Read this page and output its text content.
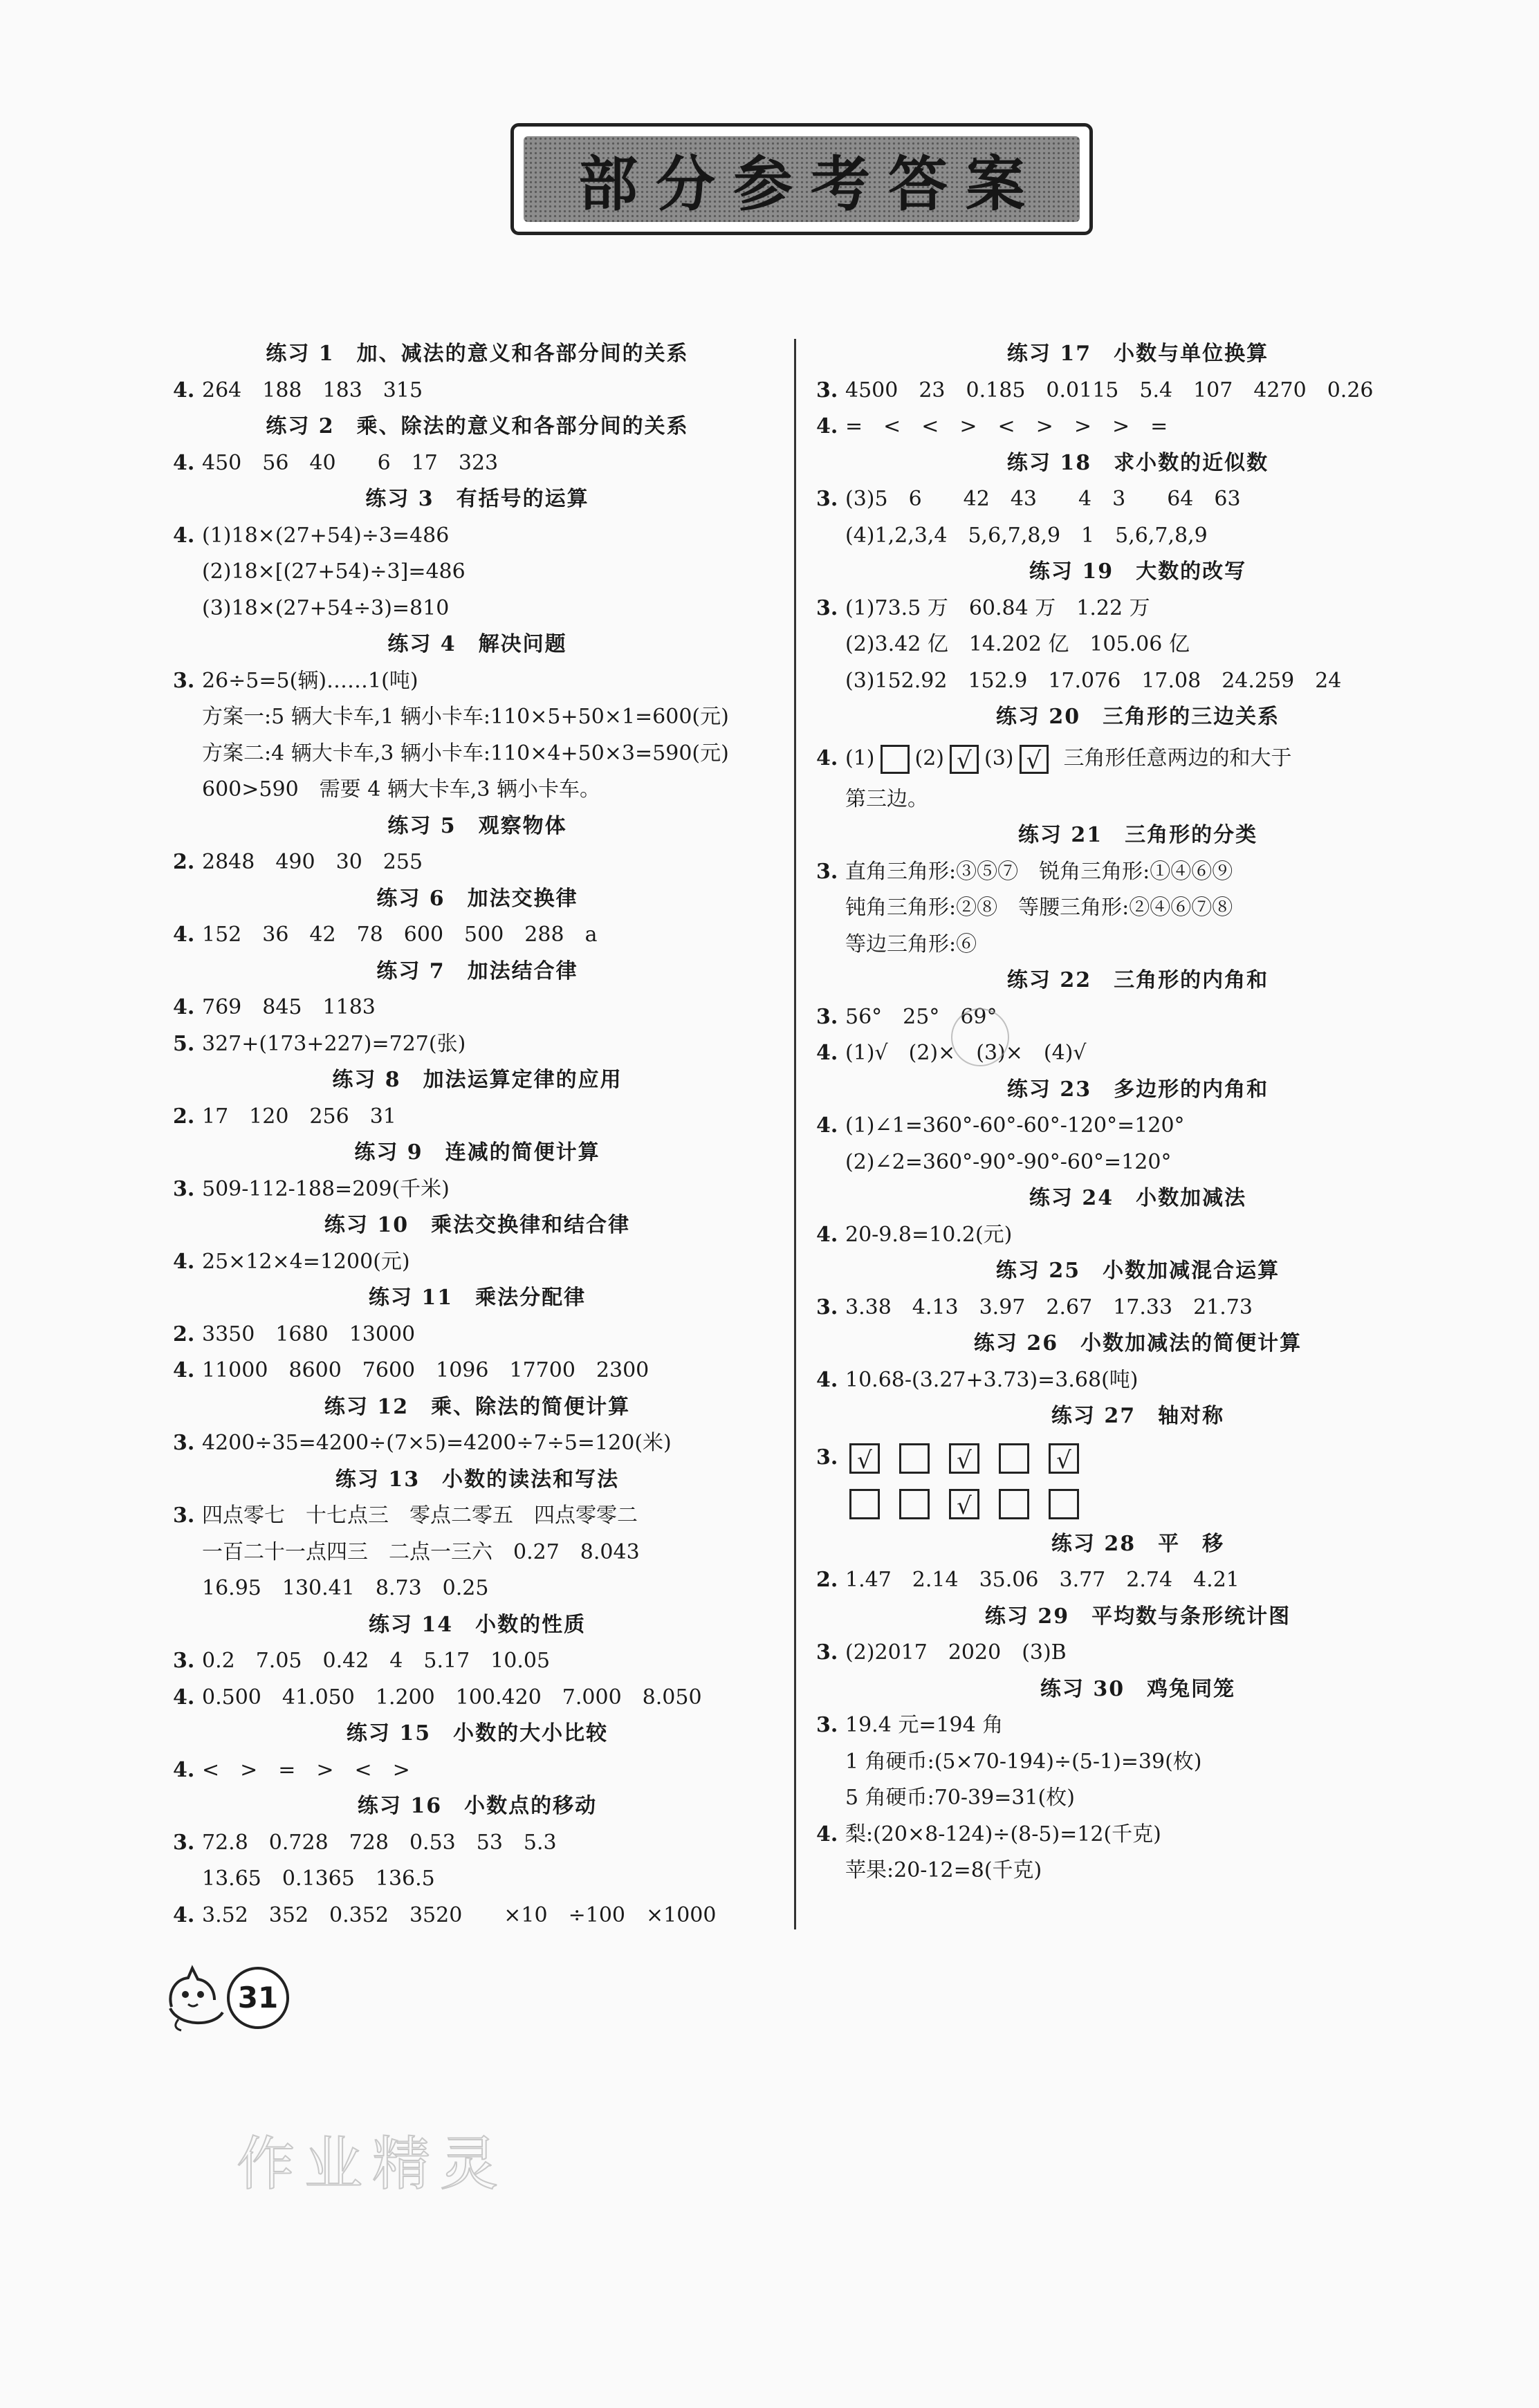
部分参考答案
练习 1　加、减法的意义和各部分间的关系
4. 264　188　183　315
练习 2　乘、除法的意义和各部分间的关系
4. 450　56　40　　6　17　323
练习 3　有括号的运算
4. (1)18×(27+54)÷3=486
(2)18×[(27+54)÷3]=486
(3)18×(27+54÷3)=810
练习 4　解决问题
3. 26÷5=5(辆)……1(吨)
方案一:5 辆大卡车,1 辆小卡车:110×5+50×1=600(元)
方案二:4 辆大卡车,3 辆小卡车:110×4+50×3=590(元)
600>590　需要 4 辆大卡车,3 辆小卡车。
练习 5　观察物体
2. 2848　490　30　255
练习 6　加法交换律
4. 152　36　42　78　600　500　288　a
练习 7　加法结合律
4. 769　845　1183
5. 327+(173+227)=727(张)
练习 8　加法运算定律的应用
2. 17　120　256　31
练习 9　连减的简便计算
3. 509-112-188=209(千米)
练习 10　乘法交换律和结合律
4. 25×12×4=1200(元)
练习 11　乘法分配律
2. 3350　1680　13000
4. 11000　8600　7600　1096　17700　2300
练习 12　乘、除法的简便计算
3. 4200÷35=4200÷(7×5)=4200÷7÷5=120(米)
练习 13　小数的读法和写法
3. 四点零七　十七点三　零点二零五　四点零零二
一百二十一点四三　二点一三六　0.27　8.043
16.95　130.41　8.73　0.25
练习 14　小数的性质
3. 0.2　7.05　0.42　4　5.17　10.05
4. 0.500　41.050　1.200　100.420　7.000　8.050
练习 15　小数的大小比较
4. <　>　=　>　<　>
练习 16　小数点的移动
3. 72.8　0.728　728　0.53　53　5.3
13.65　0.1365　136.5
4. 3.52　352　0.352　3520　　×10　÷100　×1000
练习 17　小数与单位换算
3. 4500　23　0.185　0.0115　5.4　107　4270　0.26
4. =　<　<　>　<　>　>　>　=
练习 18　求小数的近似数
3. (3)5　6　　42　43　　4　3　　64　63
(4)1,2,3,4　5,6,7,8,9　1　5,6,7,8,9
练习 19　大数的改写
3. (1)73.5 万　60.84 万　1.22 万
(2)3.42 亿　14.202 亿　105.06 亿
(3)152.92　152.9　17.076　17.08　24.259　24
练习 20　三角形的三边关系
4. (1) (2) √ (3) √ 三角形任意两边的和大于
第三边。
练习 21　三角形的分类
3. 直角三角形:③⑤⑦　锐角三角形:①④⑥⑨
钝角三角形:②⑧　等腰三角形:②④⑥⑦⑧
等边三角形:⑥
练习 22　三角形的内角和
3. 56°　25°　69°
4. (1)√　(2)×　(3)×　(4)√
练习 23　多边形的内角和
4. (1)∠1=360°-60°-60°-120°=120°
(2)∠2=360°-90°-90°-60°=120°
练习 24　小数加减法
4. 20-9.8=10.2(元)
练习 25　小数加减混合运算
3. 3.38　4.13　3.97　2.67　17.33　21.73
练习 26　小数加减法的简便计算
4. 10.68-(3.27+3.73)=3.68(吨)
练习 27　轴对称
3. √	√	√
√
练习 28　平　移
2. 1.47　2.14　35.06　3.77　2.74　4.21
练习 29　平均数与条形统计图
3. (2)2017　2020　(3)B
练习 30　鸡兔同笼
3. 19.4 元=194 角
1 角硬币:(5×70-194)÷(5-1)=39(枚)
5 角硬币:70-39=31(枚)
4. 梨:(20×8-124)÷(8-5)=12(千克)
苹果:20-12=8(千克)
31
作业精灵
